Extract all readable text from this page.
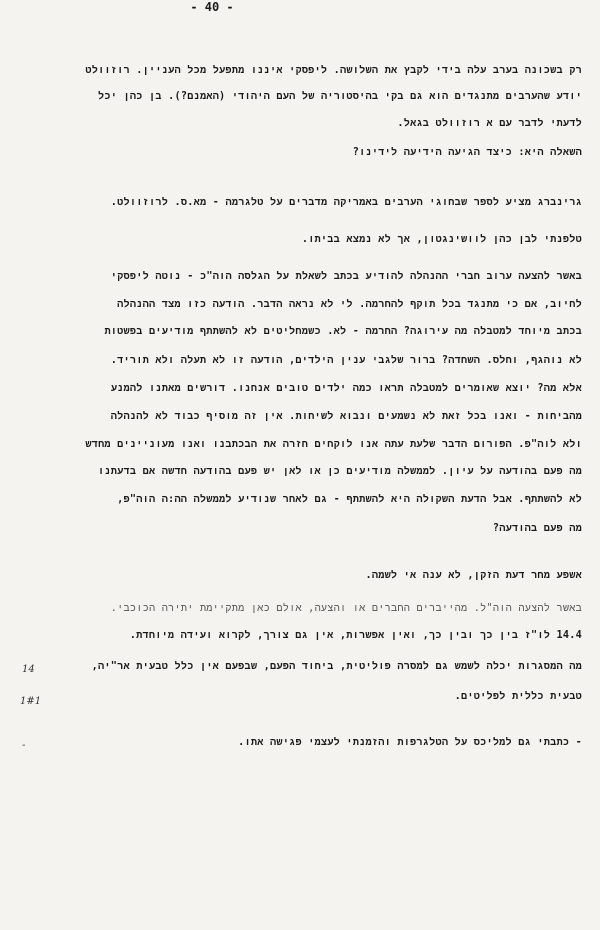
- 40 -
רק בשכונה בערב עלה בידי לקבץ את השלושה. ליפסקי איננו מתפעל מכל העניין. רוזוולט
יודע שהערבים מתנגדים הוא גם בקי בהיסטוריה של העם היהודי (האמנם?). בן כהן יכל
לדעתי לדבר עם א רוזוולט בגאל.
השאלה היא: כיצד הגיעה הידיעה לידינו?
גרינברג מציע לספר שבחוגי הערבים באמריקה מדברים על טלגרמה - מא.ס. לרוזוולט.
טלפנתי לבן כהן לוושינגטון, אך לא נמצא בביתו.
באשר להצעה ערוב חברי ההנהלה להודיע בכתב לשאלת על הגלסה הוה"כ - נוטה ליפסקי
לחיוב, אם כי מתנגד בכל תוקף להחרמה. לי לא נראה הדבר. הודעה כזו מצד ההנהלה
בכתב מיוחד למטבלה מה עירוגה? החרמה - לא. כשמחליטים לא להשתתף מודיעים בפשטות
לא נוהגף, וחלס. השחדה? ברור שלגבי ענין הילדים, הודעה זו לא תעלה ולא תוריד.
אלא מה? יוצא שאומרים למטבלה תראו כמה ילדים טובים אנחנו. דורשים מאתנו להמנע
מהביחות - ואנו בכל זאת לא נשמעים ונבוא לשיחות. אין זה מוסיף כבוד לא להנהלה
ולא לוה"פ. הפורום הדבר שלעת עתה אנו לוקחים חזרה את הבכתבנו ואנו מעוניינים מחדש
מה פעם בהודעה על עיון. לממשלה מודיעים כן או לאן יש פעם בהודעה חדשה אם בדעתנו
לא להשתתף. אבל הדעת השקולה היא להשתתף - גם לאחר שנודיע לממשלה הה:ה הוה"פ,
מה פעם בהודעה?
אשפע מחר דעת הזקן, לא ענה אי לשמה.
באשר להצעה הוה"ל. מהייברים החברים או והצעה, אולם כאן מתקיימת יתירה הכוכבי.
14.4 לו"ז בין כך ובין כך, ואין אפשרות, אין גם צורך, לקרוא ועידה מיוחדת.
מה המסגרות יכלה לשמש גם למסרה פוליטית, ביחוד הפעם, שבפעם אין כלל טבעית אר"יה,
טבעית כללית לפליטים.
- כתבתי גם למליכס על הטלגרפות והזמנתי לעצמי פגישה אתו.
14
1#1
-
